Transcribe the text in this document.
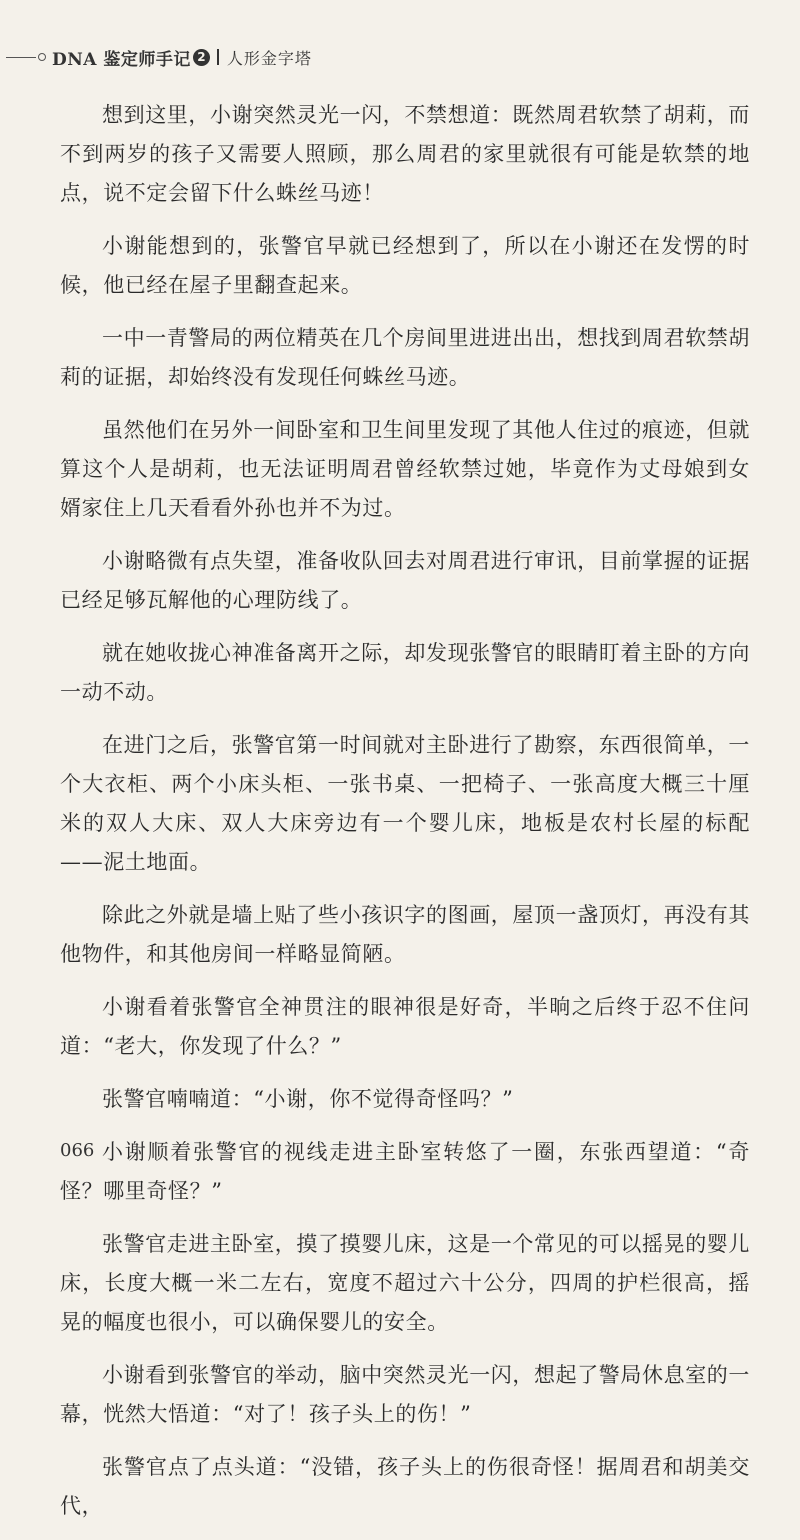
DNA 鉴定师手记 2 人形金字塔

想到这里，小谢突然灵光一闪，不禁想道：既然周君软禁了胡莉，而不到两岁的孩子又需要人照顾，那么周君的家里就很有可能是软禁的地点，说不定会留下什么蛛丝马迹！

小谢能想到的，张警官早就已经想到了，所以在小谢还在发愣的时候，他已经在屋子里翻查起来。

一中一青警局的两位精英在几个房间里进进出出，想找到周君软禁胡莉的证据，却始终没有发现任何蛛丝马迹。

虽然他们在另外一间卧室和卫生间里发现了其他人住过的痕迹，但就算这个人是胡莉，也无法证明周君曾经软禁过她，毕竟作为丈母娘到女婿家住上几天看看外孙也并不为过。

小谢略微有点失望，准备收队回去对周君进行审讯，目前掌握的证据已经足够瓦解他的心理防线了。

就在她收拢心神准备离开之际，却发现张警官的眼睛盯着主卧的方向一动不动。

在进门之后，张警官第一时间就对主卧进行了勘察，东西很简单，一个大衣柜、两个小床头柜、一张书桌、一把椅子、一张高度大概三十厘米的双人大床、双人大床旁边有一个婴儿床，地板是农村长屋的标配——泥土地面。

除此之外就是墙上贴了些小孩识字的图画，屋顶一盏顶灯，再没有其他物件，和其他房间一样略显简陋。

小谢看着张警官全神贯注的眼神很是好奇，半晌之后终于忍不住问道：“老大，你发现了什么？”

张警官喃喃道：“小谢，你不觉得奇怪吗？”

小谢顺着张警官的视线走进主卧室转悠了一圈，东张西望道：“奇怪？哪里奇怪？”

张警官走进主卧室，摸了摸婴儿床，这是一个常见的可以摇晃的婴儿床，长度大概一米二左右，宽度不超过六十公分，四周的护栏很高，摇晃的幅度也很小，可以确保婴儿的安全。

小谢看到张警官的举动，脑中突然灵光一闪，想起了警局休息室的一幕，恍然大悟道：“对了！孩子头上的伤！”

张警官点了点头道：“没错，孩子头上的伤很奇怪！据周君和胡美交代，

066
